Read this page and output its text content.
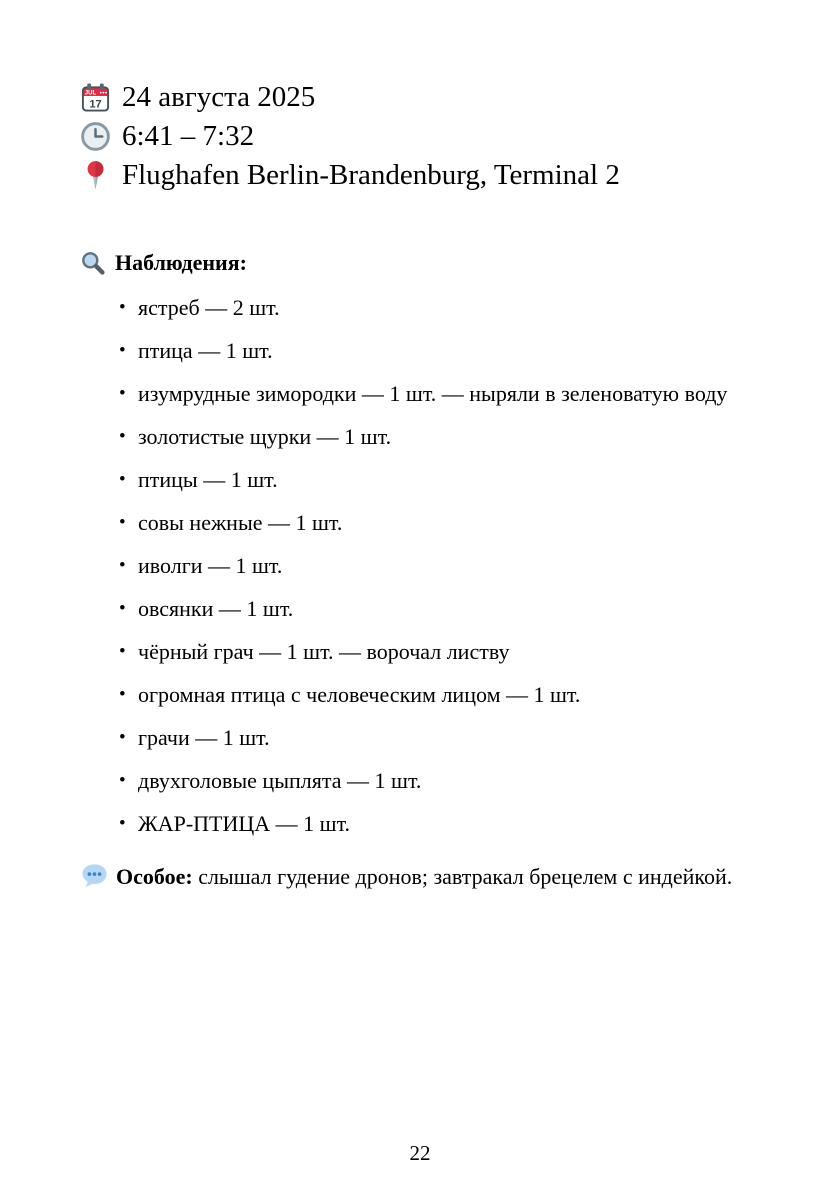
JUL
17 24 августа 2025
6:41 – 7:32
Flughafen Berlin-Brandenburg, Terminal 2
Наблюдения:
• ястреб — 2 шт.
• птица — 1 шт.
• изумрудные зимородки — 1 шт. — ныряли в зеленоватую воду
• золотистые щурки — 1 шт.
• птицы — 1 шт.
• совы нежные — 1 шт.
• иволги — 1 шт.
• овсянки — 1 шт.
• чёрный грач — 1 шт. — ворочал листву
• огромная птица с человеческим лицом — 1 шт.
• грачи — 1 шт.
• двухголовые цыплята — 1 шт.
• ЖАР-ПТИЦА — 1 шт.

Особое: слышал гудение дронов; завтракал брецелем с индейкой.

22
